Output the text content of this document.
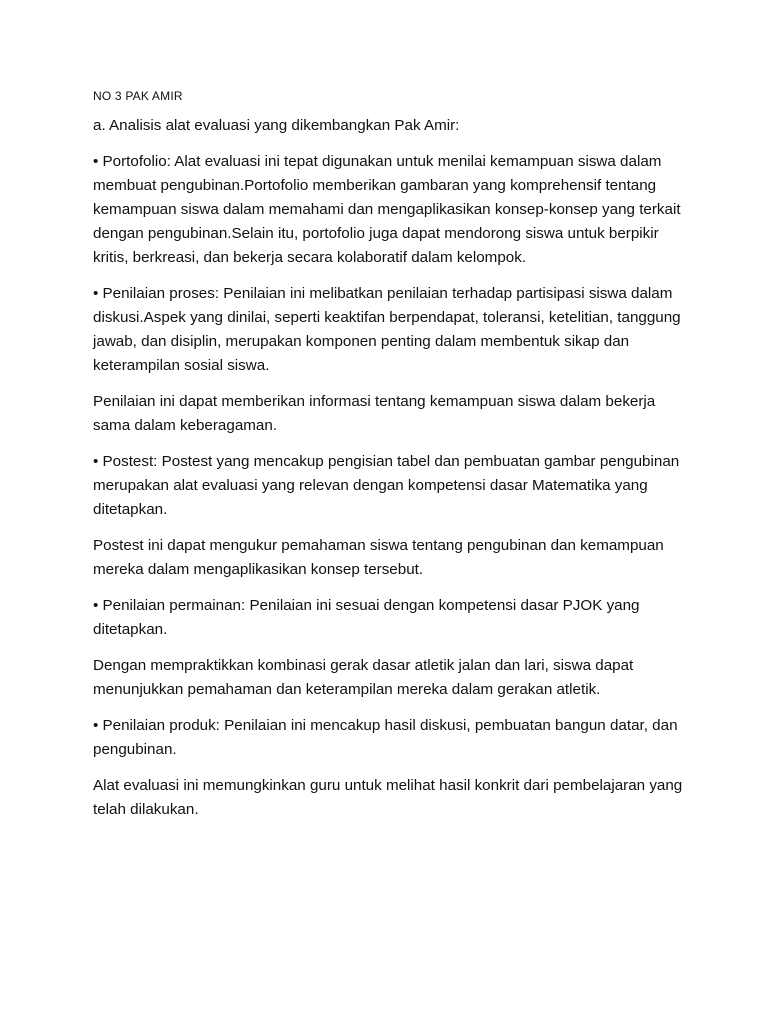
NO 3 PAK AMIR

a. Analisis alat evaluasi yang dikembangkan Pak Amir:

• Portofolio: Alat evaluasi ini tepat digunakan untuk menilai kemampuan siswa dalam membuat pengubinan.Portofolio memberikan gambaran yang komprehensif tentang kemampuan siswa dalam memahami dan mengaplikasikan konsep-konsep yang terkait dengan pengubinan.Selain itu, portofolio juga dapat mendorong siswa untuk berpikir kritis, berkreasi, dan bekerja secara kolaboratif dalam kelompok.

• Penilaian proses: Penilaian ini melibatkan penilaian terhadap partisipasi siswa dalam diskusi.Aspek yang dinilai, seperti keaktifan berpendapat, toleransi, ketelitian, tanggung jawab, dan disiplin, merupakan komponen penting dalam membentuk sikap dan keterampilan sosial siswa.

Penilaian ini dapat memberikan informasi tentang kemampuan siswa dalam bekerja sama dalam keberagaman.

• Postest: Postest yang mencakup pengisian tabel dan pembuatan gambar pengubinan merupakan alat evaluasi yang relevan dengan kompetensi dasar Matematika yang ditetapkan.

Postest ini dapat mengukur pemahaman siswa tentang pengubinan dan kemampuan mereka dalam mengaplikasikan konsep tersebut.

• Penilaian permainan: Penilaian ini sesuai dengan kompetensi dasar PJOK yang ditetapkan.

Dengan mempraktikkan kombinasi gerak dasar atletik jalan dan lari, siswa dapat menunjukkan pemahaman dan keterampilan mereka dalam gerakan atletik.

• Penilaian produk: Penilaian ini mencakup hasil diskusi, pembuatan bangun datar, dan pengubinan.

Alat evaluasi ini memungkinkan guru untuk melihat hasil konkrit dari pembelajaran yang telah dilakukan.
